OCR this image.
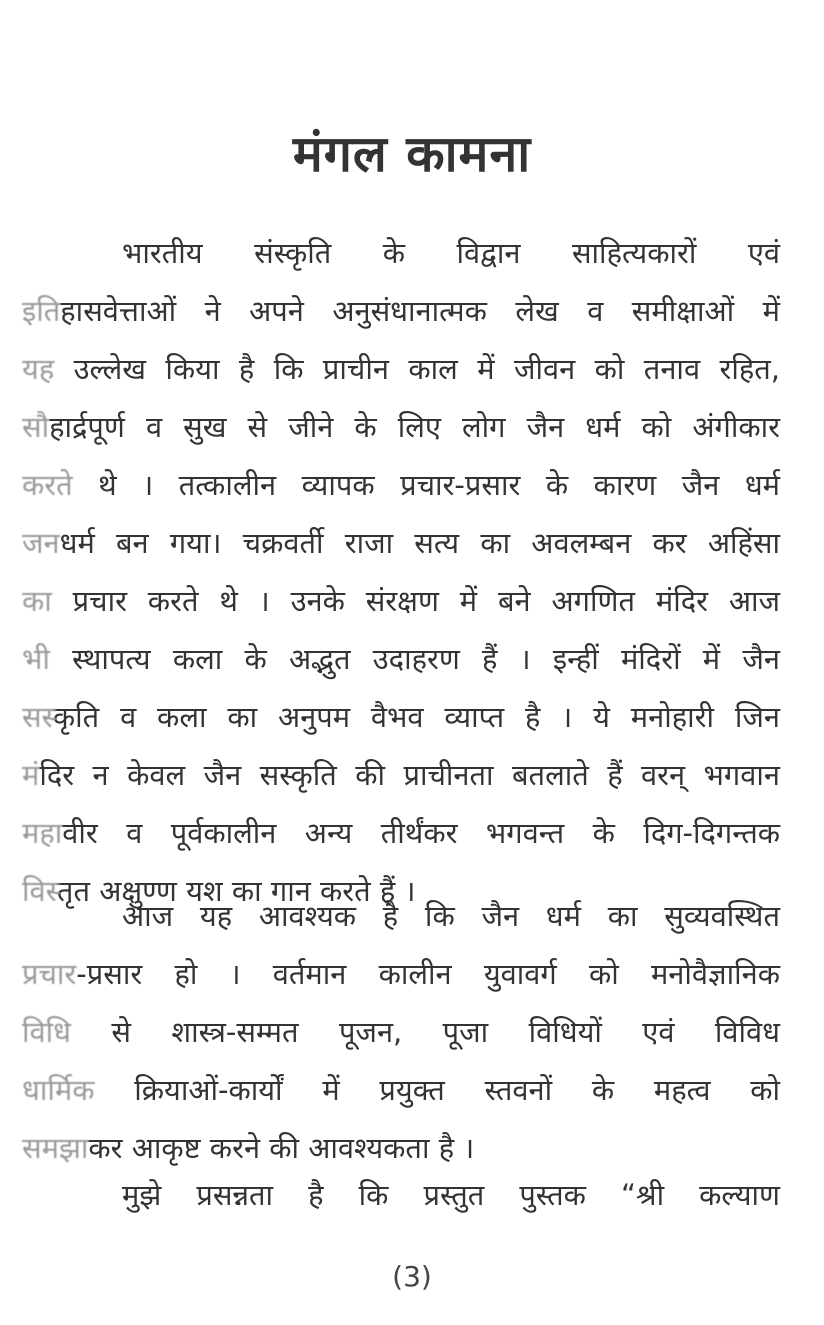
मंगल कामना
भारतीय संस्कृति के विद्वान साहित्यकारों एवं
इतिहासवेत्ताओं ने अपने अनुसंधानात्मक लेख व समीक्षाओं में
यह उल्लेख किया है कि प्राचीन काल में जीवन को तनाव रहित,
सौहार्द्रपूर्ण व सुख से जीने के लिए लोग जैन धर्म को अंगीकार
करते थे । तत्कालीन व्यापक प्रचार-प्रसार के कारण जैन धर्म
जनधर्म बन गया। चक्रवर्ती राजा सत्य का अवलम्बन कर अहिंसा
का प्रचार करते थे । उनके संरक्षण में बने अगणित मंदिर आज
भी स्थापत्य कला के अद्भुत उदाहरण हैं । इन्हीं मंदिरों में जैन
सस्कृति व कला का अनुपम वैभव व्याप्त है । ये मनोहारी जिन
मंदिर न केवल जैन सस्कृति की प्राचीनता बतलाते हैं वरन् भगवान
महावीर व पूर्वकालीन अन्य तीर्थंकर भगवन्त के दिग-दिगन्तक
विस्तृत अक्षुण्ण यश का गान करते हैं ।
आज यह आवश्यक है कि जैन धर्म का सुव्यवस्थित
प्रचार-प्रसार हो । वर्तमान कालीन युवावर्ग को मनोवैज्ञानिक
विधि से शास्त्र-सम्मत पूजन, पूजा विधियों एवं विविध
धार्मिक क्रियाओं-कार्यों में प्रयुक्त स्तवनों के महत्व को
समझाकर आकृष्ट करने की आवश्यकता है ।
मुझे प्रसन्नता है कि प्रस्तुत पुस्तक “श्री कल्याण
(3)
